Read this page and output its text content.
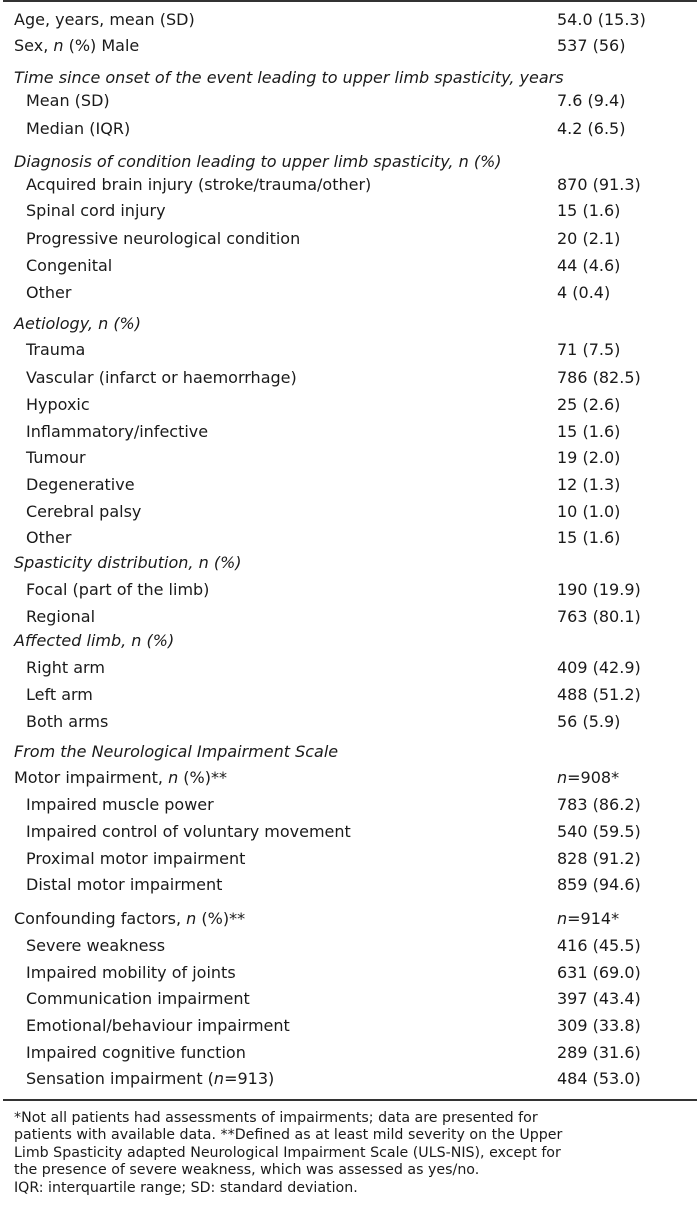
Age, years, mean (SD)	54.0 (15.3)
Sex, n (%) Male	537 (56)
Time since onset of the event leading to upper limb spasticity, years
Mean (SD)	7.6 (9.4)
Median (IQR)	4.2 (6.5)
Diagnosis of condition leading to upper limb spasticity, n (%)
Acquired brain injury (stroke/trauma/other)	870 (91.3)
Spinal cord injury	15 (1.6)
Progressive neurological condition	20 (2.1)
Congenital	44 (4.6)
Other	4 (0.4)
Aetiology, n (%)
Trauma	71 (7.5)
Vascular (infarct or haemorrhage)	786 (82.5)
Hypoxic	25 (2.6)
Inflammatory/infective	15 (1.6)
Tumour	19 (2.0)
Degenerative	12 (1.3)
Cerebral palsy	10 (1.0)
Other	15 (1.6)
Spasticity distribution, n (%)
Focal (part of the limb)	190 (19.9)
Regional	763 (80.1)
Affected limb, n (%)
Right arm	409 (42.9)
Left arm	488 (51.2)
Both arms	56 (5.9)
From the Neurological Impairment Scale
Motor impairment, n (%)**	n=908*
Impaired muscle power	783 (86.2)
Impaired control of voluntary movement	540 (59.5)
Proximal motor impairment	828 (91.2)
Distal motor impairment	859 (94.6)
Confounding factors, n (%)**	n=914*
Severe weakness	416 (45.5)
Impaired mobility of joints	631 (69.0)
Communication impairment	397 (43.4)
Emotional/behaviour impairment	309 (33.8)
Impaired cognitive function	289 (31.6)
Sensation impairment (n=913)	484 (53.0)
*Not all patients had assessments of impairments; data are presented for
patients with available data. **Defined as at least mild severity on the Upper
Limb Spasticity adapted Neurological Impairment Scale (ULS-NIS), except for
the presence of severe weakness, which was assessed as yes/no.
IQR: interquartile range; SD: standard deviation.
